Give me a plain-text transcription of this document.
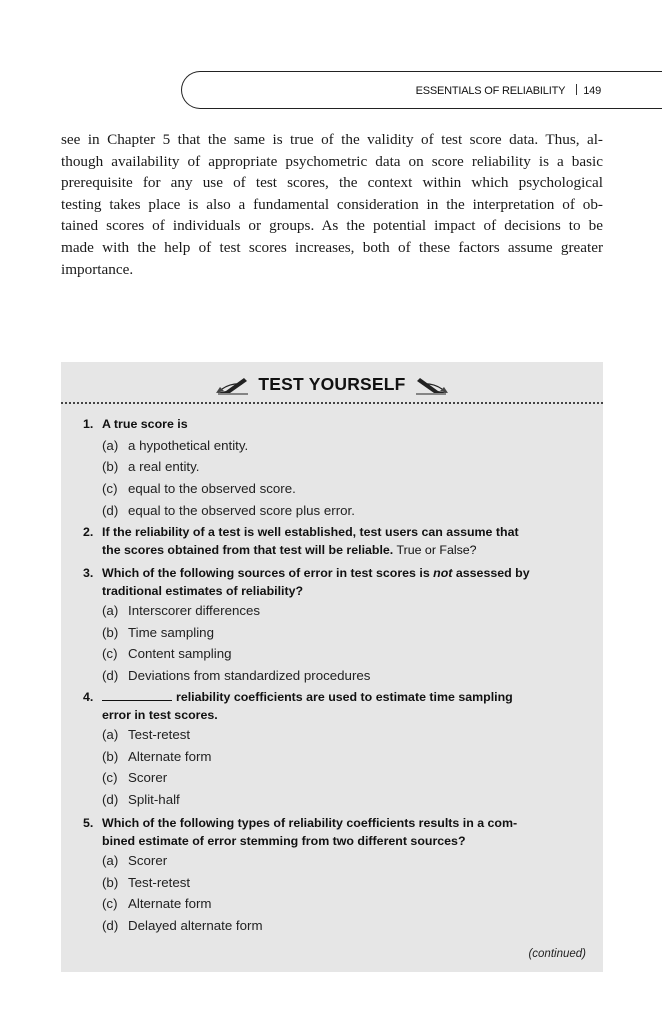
ESSENTIALS OF RELIABILITY 149
see in Chapter 5 that the same is true of the validity of test score data. Thus, al-
though availability of appropriate psychometric data on score reliability is a basic
prerequisite for any use of test scores, the context within which psychological
testing takes place is also a fundamental consideration in the interpretation of ob-
tained scores of individuals or groups. As the potential impact of decisions to be
made with the help of test scores increases, both of these factors assume greater
importance.
TEST YOURSELF
1. A true score is
(a) a hypothetical entity.
(b) a real entity.
(c) equal to the observed score.
(d) equal to the observed score plus error.
2. If the reliability of a test is well established, test users can assume that
the scores obtained from that test will be reliable. True or False?
3. Which of the following sources of error in test scores is not assessed by
traditional estimates of reliability?
(a) Interscorer differences
(b) Time sampling
(c) Content sampling
(d) Deviations from standardized procedures
4.	reliability coefficients are used to estimate time sampling
error in test scores.
(a) Test-retest
(b) Alternate form
(c) Scorer
(d) Split-half
5. Which of the following types of reliability coefficients results in a com-
bined estimate of error stemming from two different sources?
(a) Scorer
(b) Test-retest
(c) Alternate form
(d) Delayed alternate form
(continued)
